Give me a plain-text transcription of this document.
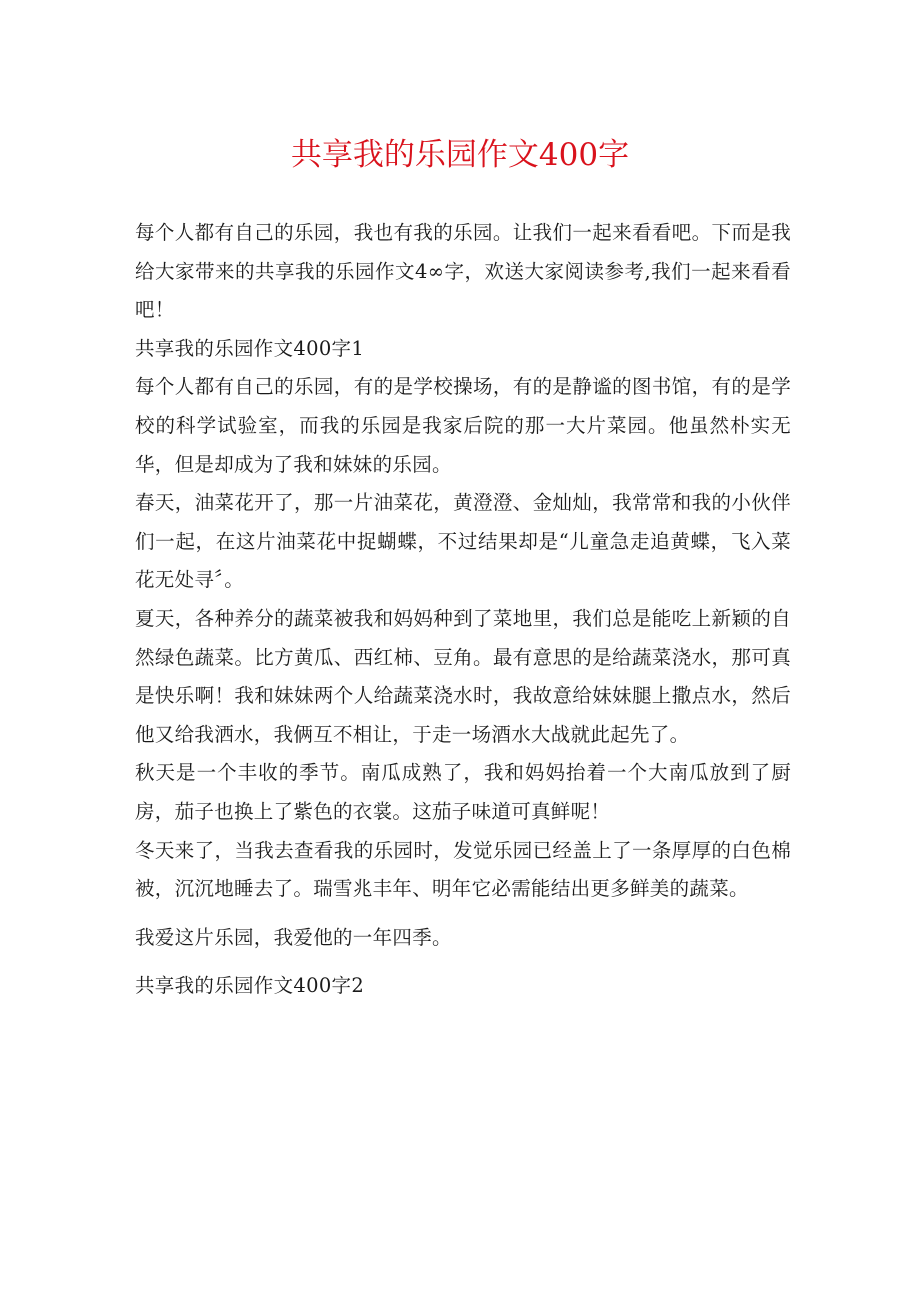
共享我的乐园作文400字

每个人都有自己的乐园，我也有我的乐园。让我们一起来看看吧。下而是我给大家带来的共享我的乐园作文4∞字，欢送大家阅读参考,我们一起来看看吧！

共享我的乐园作文400字1

每个人都有自己的乐园，有的是学校操场，有的是静谧的图书馆，有的是学校的科学试验室，而我的乐园是我家后院的那一大片菜园。他虽然朴实无华，但是却成为了我和妹妹的乐园。

春天，油菜花开了，那一片油菜花，黄澄澄、金灿灿，我常常和我的小伙伴们一起，在这片油菜花中捉蝴蝶，不过结果却是“儿童急走追黄蝶，飞入菜花无处寻〞。

夏天，各种养分的蔬菜被我和妈妈种到了菜地里，我们总是能吃上新颖的自然绿色蔬菜。比方黄瓜、西红柿、豆角。最有意思的是给蔬菜浇水，那可真是快乐啊！我和妹妹两个人给蔬菜浇水时，我故意给妹妹腿上撒点水，然后他又给我洒水，我俩互不相让，于走一场酒水大战就此起先了。

秋天是一个丰收的季节。南瓜成熟了，我和妈妈抬着一个大南瓜放到了厨房，茄子也换上了紫色的衣裳。这茄子味道可真鲜呢！

冬天来了，当我去查看我的乐园时，发觉乐园已经盖上了一条厚厚的白色棉被，沉沉地睡去了。瑞雪兆丰年、明年它必需能结出更多鲜美的蔬菜。

我爱这片乐园，我爱他的一年四季。

共享我的乐园作文400字2
